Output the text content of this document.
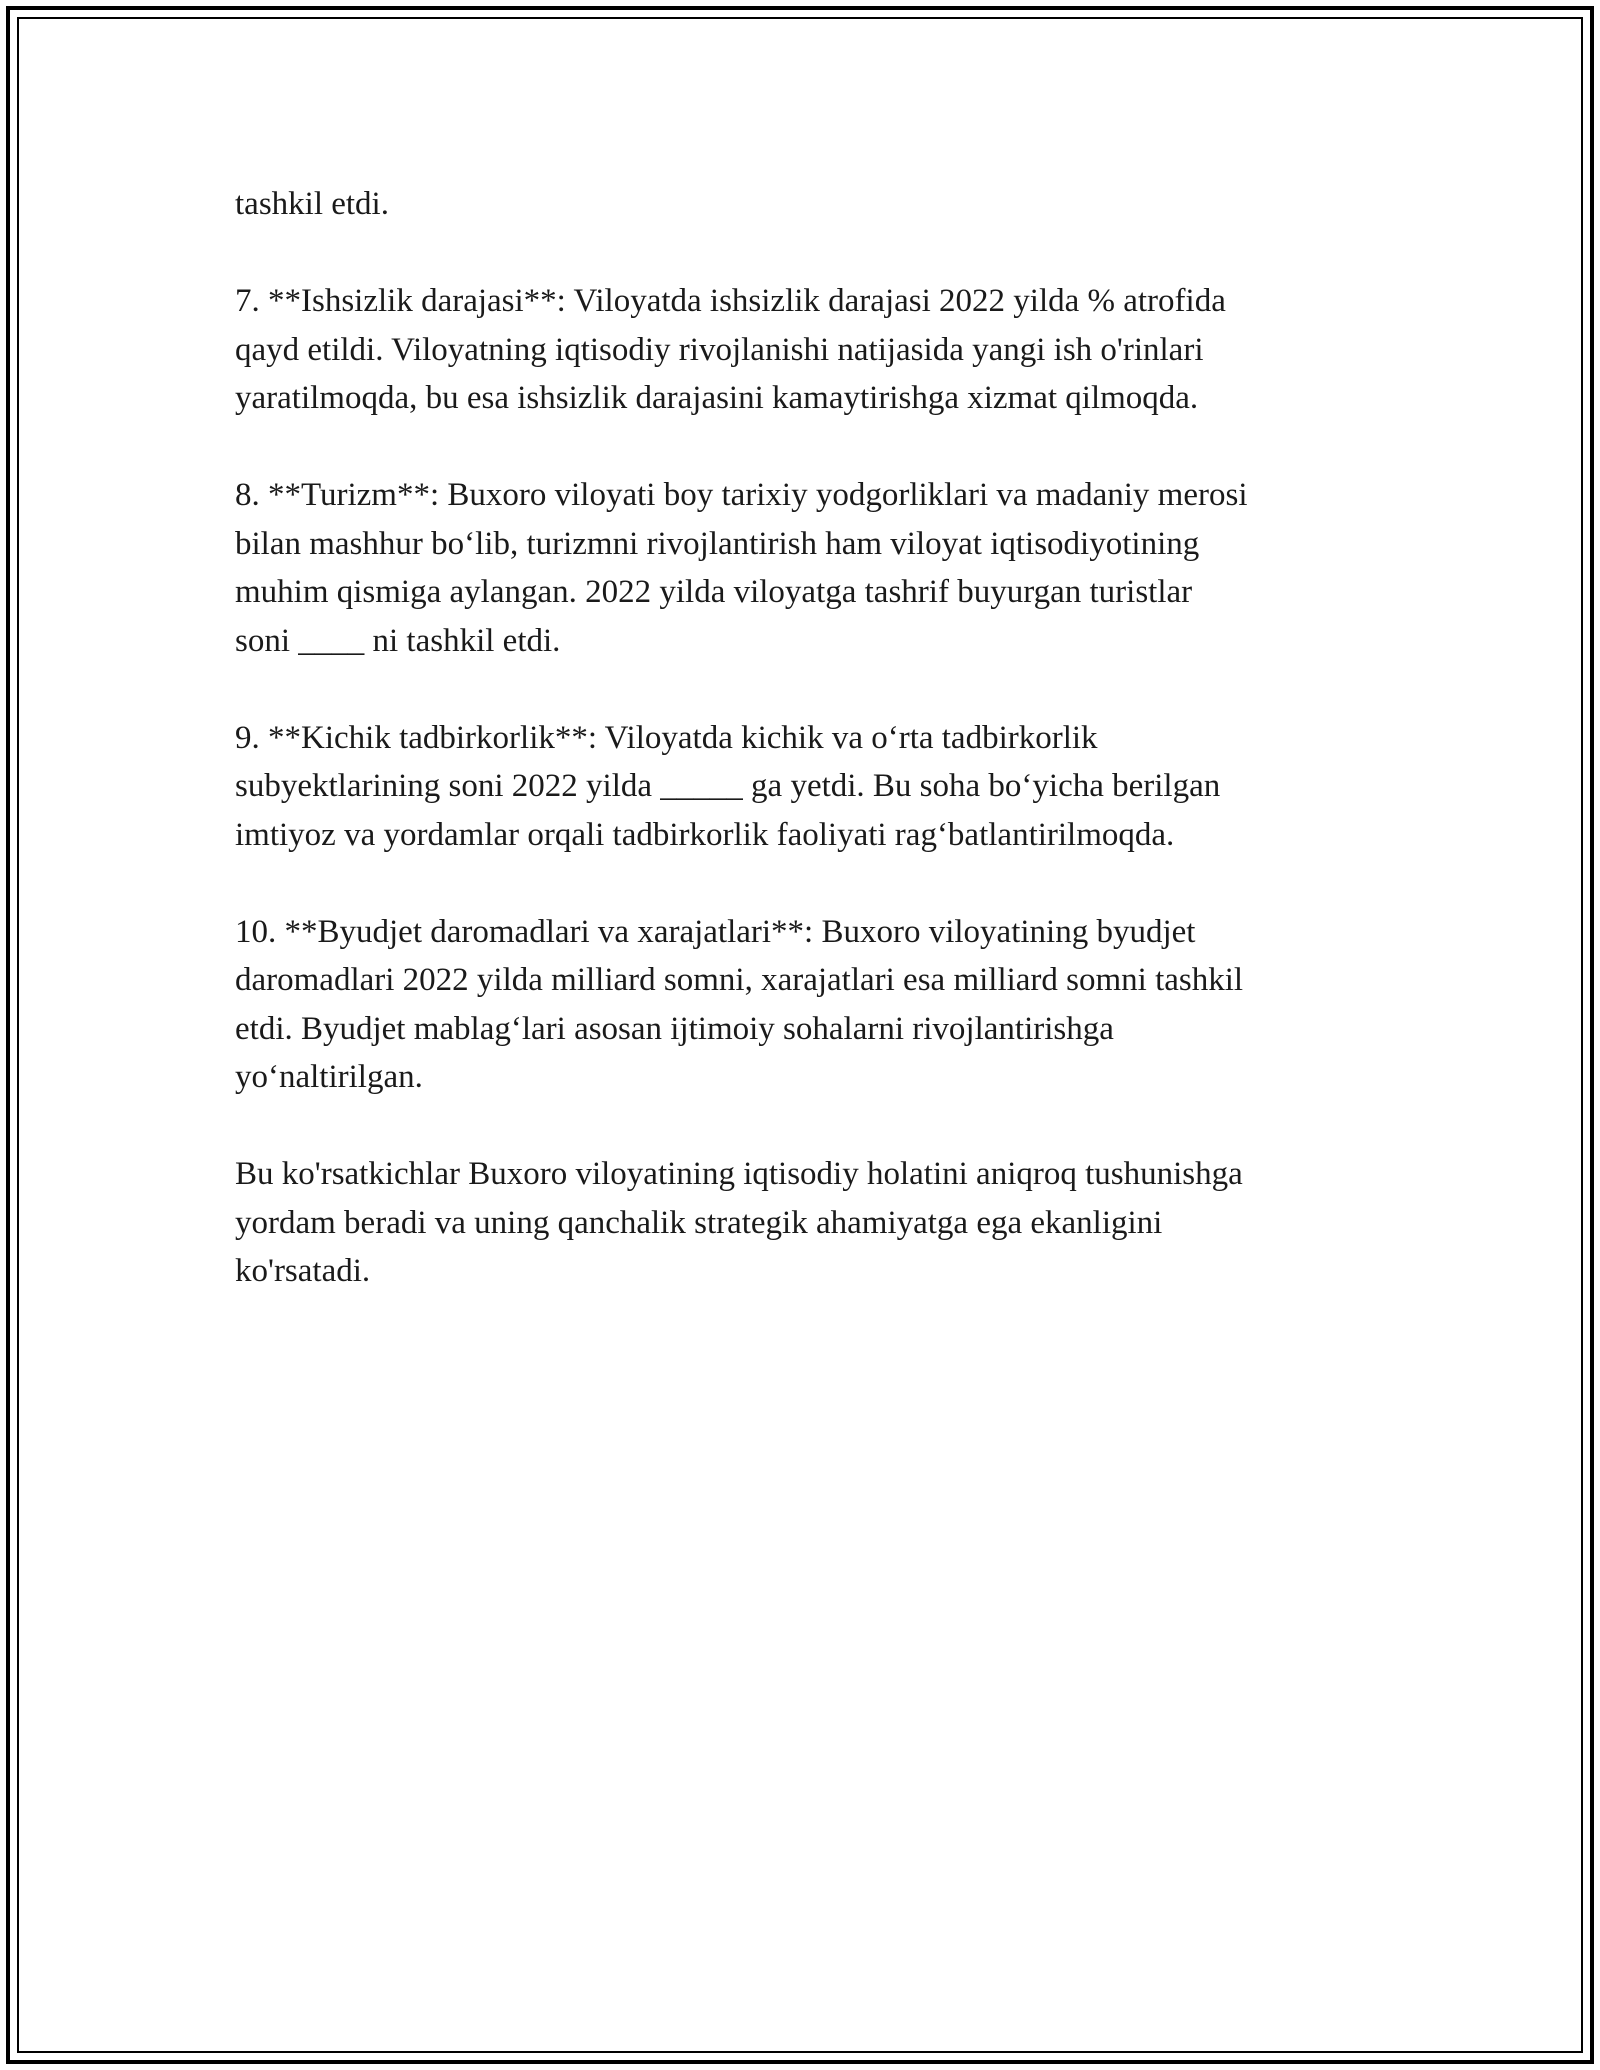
tashkil etdi.

7. **Ishsizlik darajasi**: Viloyatda ishsizlik darajasi 2022 yilda % atrofida
qayd etildi. Viloyatning iqtisodiy rivojlanishi natijasida yangi ish o'rinlari
yaratilmoqda, bu esa ishsizlik darajasini kamaytirishga xizmat qilmoqda.

8. **Turizm**: Buxoro viloyati boy tarixiy yodgorliklari va madaniy merosi
bilan mashhur bo‘lib, turizmni rivojlantirish ham viloyat iqtisodiyotining
muhim qismiga aylangan. 2022 yilda viloyatga tashrif buyurgan turistlar
soni ____ ni tashkil etdi.

9. **Kichik tadbirkorlik**: Viloyatda kichik va o‘rta tadbirkorlik
subyektlarining soni 2022 yilda _____ ga yetdi. Bu soha bo‘yicha berilgan
imtiyoz va yordamlar orqali tadbirkorlik faoliyati rag‘batlantirilmoqda.

10. **Byudjet daromadlari va xarajatlari**: Buxoro viloyatining byudjet
daromadlari 2022 yilda milliard somni, xarajatlari esa milliard somni tashkil
etdi. Byudjet mablag‘lari asosan ijtimoiy sohalarni rivojlantirishga
yo‘naltirilgan.

Bu ko'rsatkichlar Buxoro viloyatining iqtisodiy holatini aniqroq tushunishga
yordam beradi va uning qanchalik strategik ahamiyatga ega ekanligini
ko'rsatadi.
